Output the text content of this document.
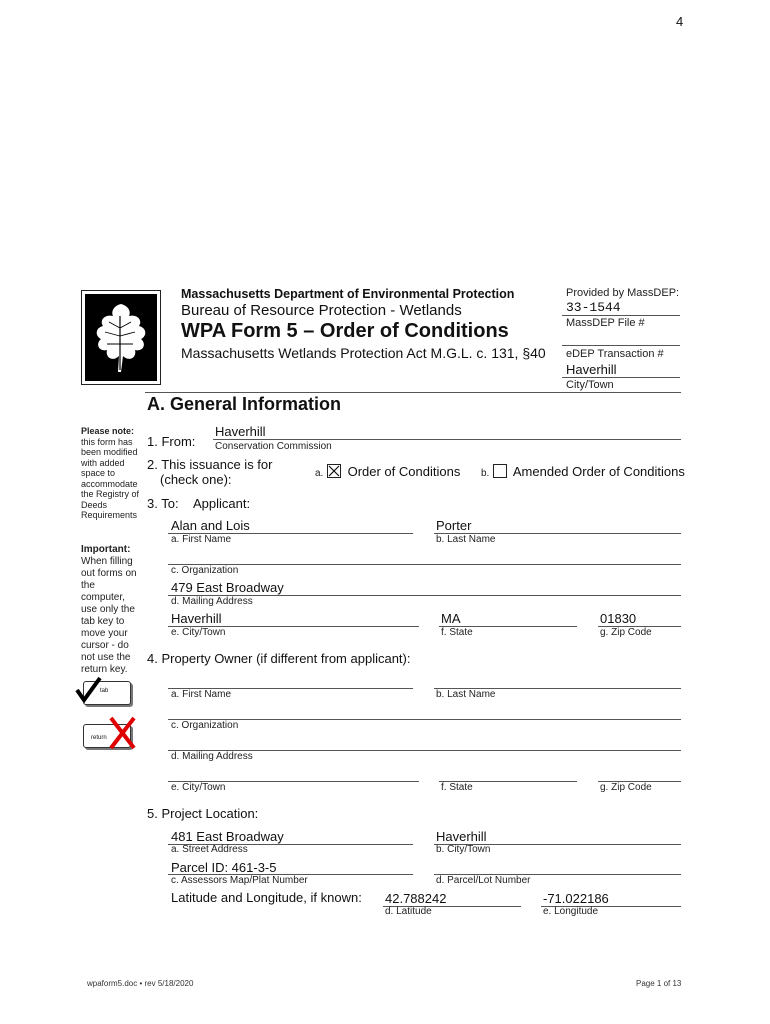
4
Massachusetts Department of Environmental Protection
Bureau of Resource Protection - Wetlands
WPA Form 5 – Order of Conditions
Massachusetts Wetlands Protection Act M.G.L. c. 131, §40
Provided by MassDEP:
33-1544
MassDEP File #
eDEP Transaction #
Haverhill
City/Town
A. General Information
Please note:
this form has been modified with added space to accommodate the Registry of Deeds Requirements
Important:
When filling out forms on the computer, use only the tab key to move your cursor - do not use the return key.
tab
return
1. From:
Haverhill
Conservation Commission
2. This issuance is for
(check one):	a. Order of Conditions b. Amended Order of Conditions
3. To: Applicant:
Alan and Lois
a. First Name
Porter
b. Last Name
c. Organization
479 East Broadway
d. Mailing Address
Haverhill
e. City/Town
MA
f. State
01830
g. Zip Code
4. Property Owner (if different from applicant):
a. First Name	b. Last Name
c. Organization
d. Mailing Address
e. City/Town	f. State	g. Zip Code
5. Project Location:
481 East Broadway
a. Street Address
Haverhill
b. City/Town
Parcel ID: 461-3-5
c. Assessors Map/Plat Number	d. Parcel/Lot Number
Latitude and Longitude, if known: 42.788242
d. Latitude
-71.022186
e. Longitude
wpaform5.doc • rev 5/18/2020	Page 1 of 13
